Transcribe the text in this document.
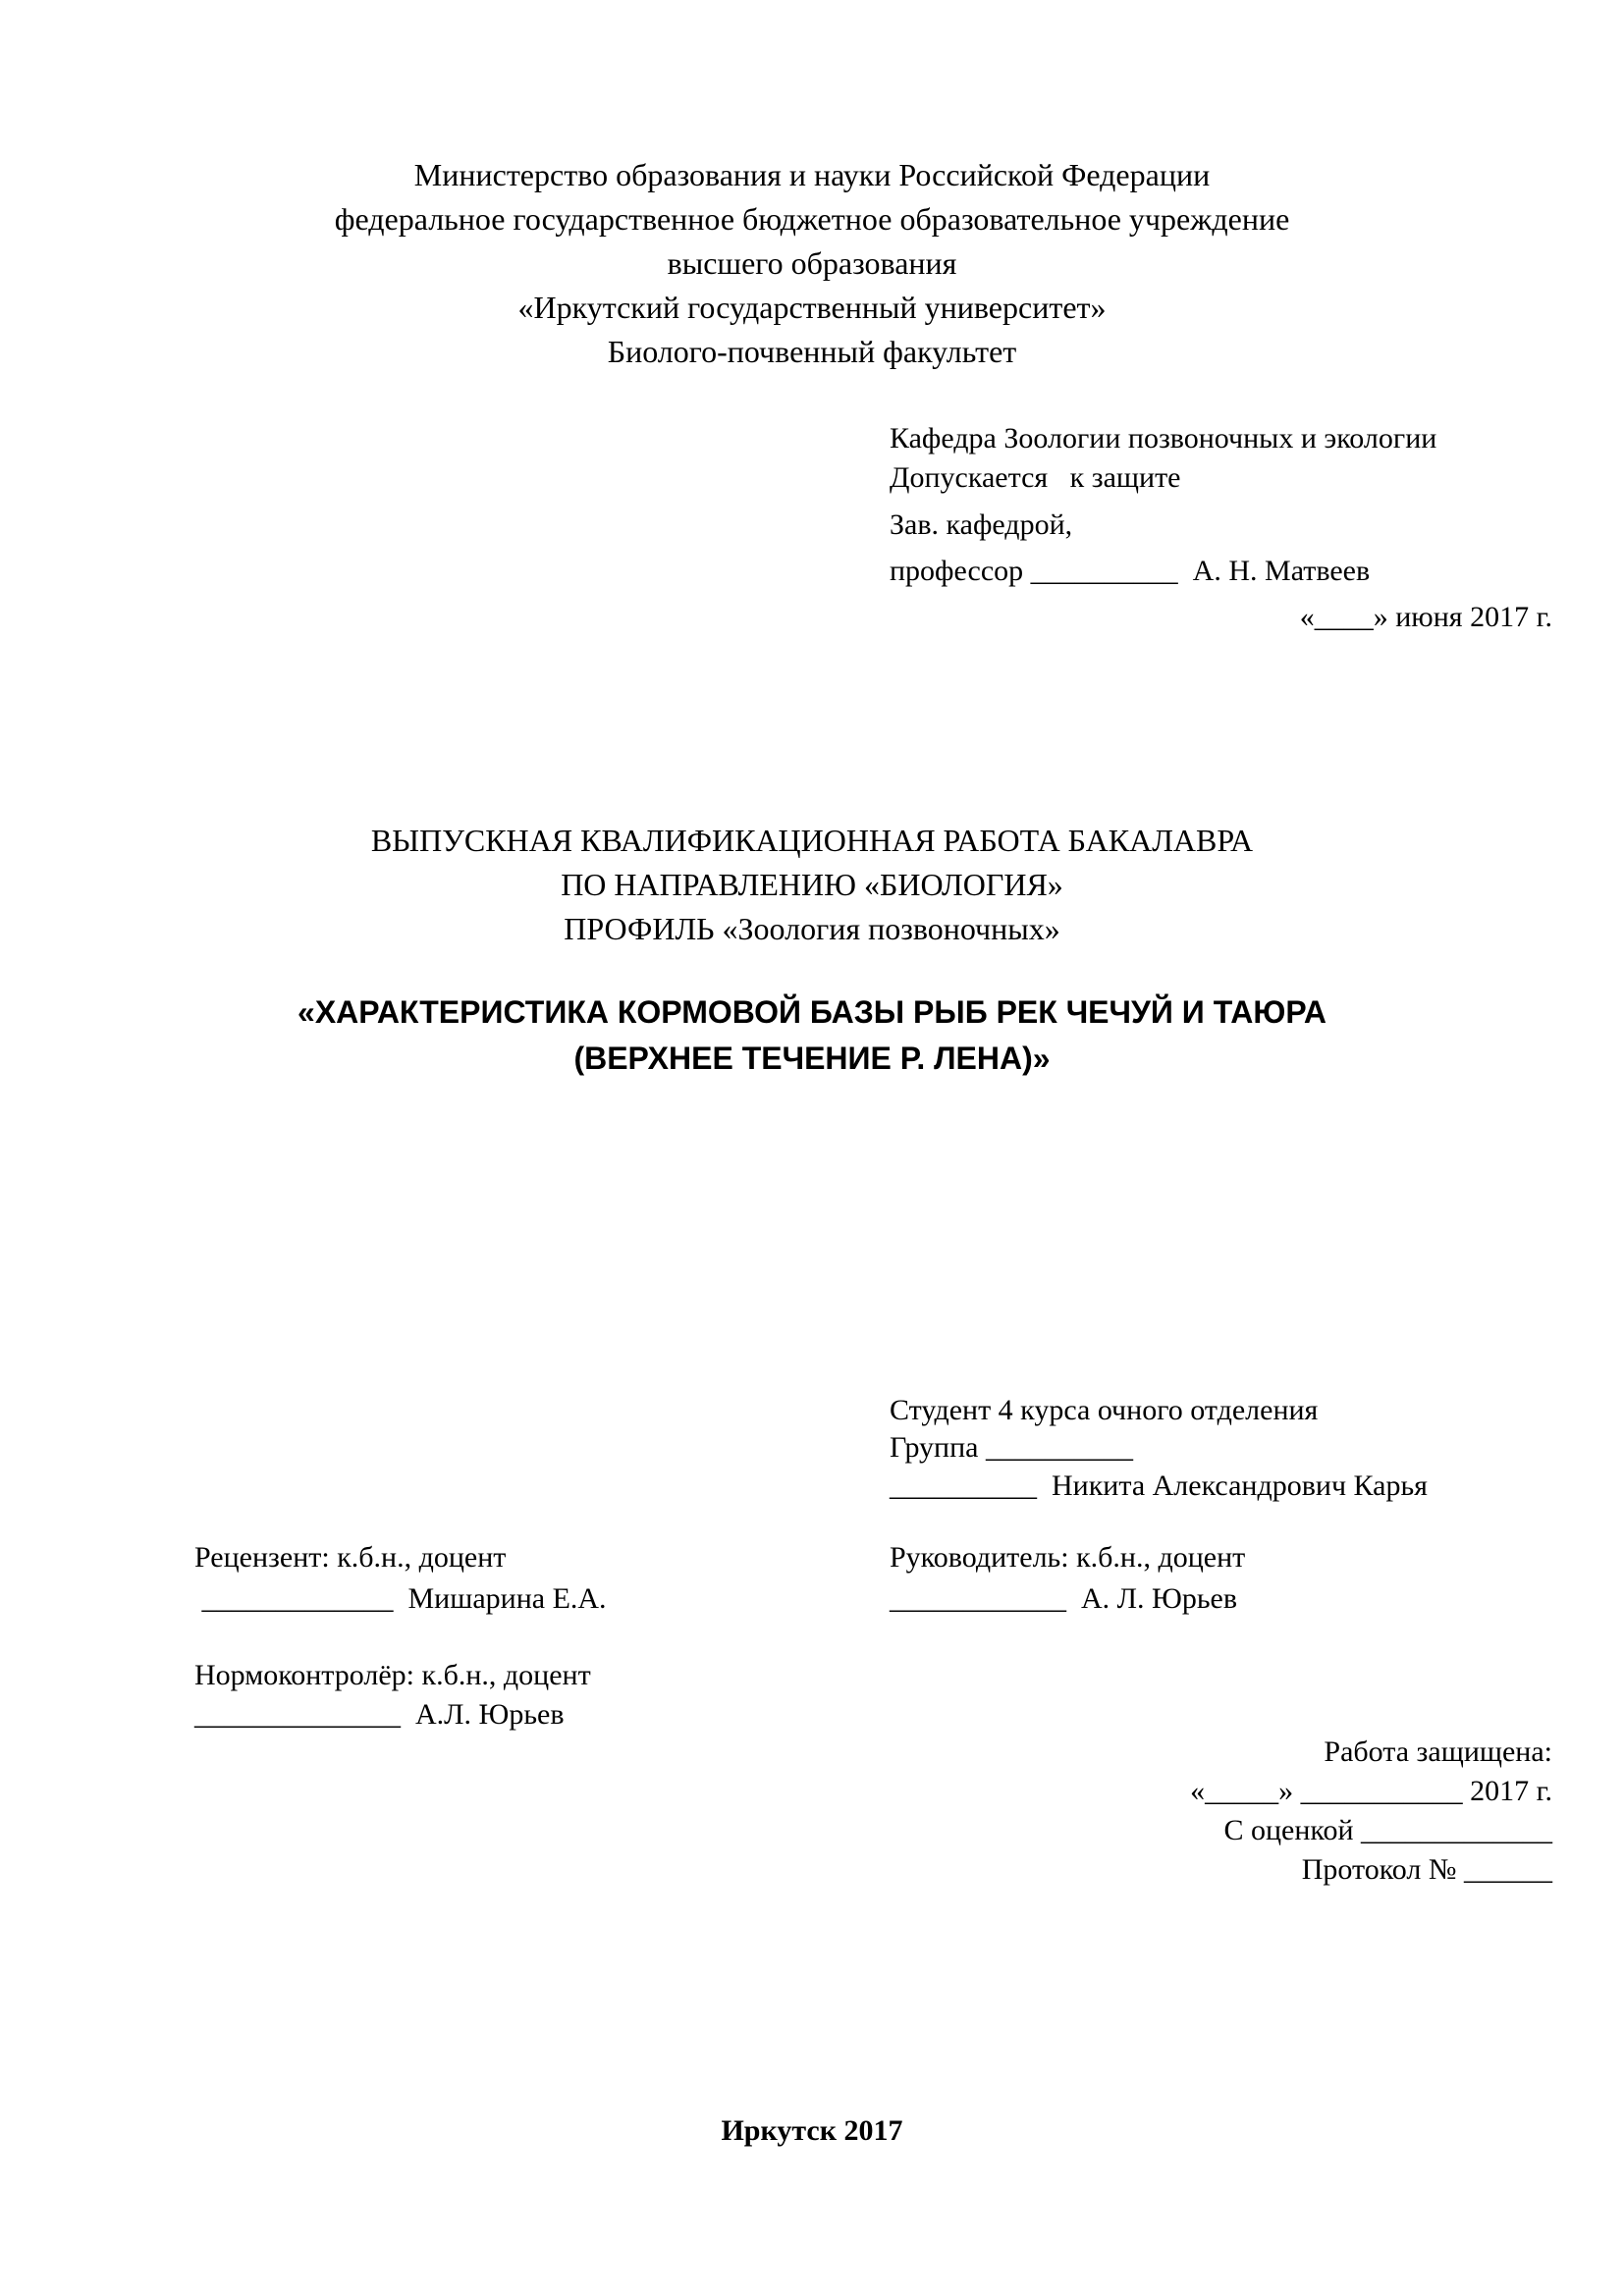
Министерство образования и науки Российской Федерации
федеральное государственное бюджетное образовательное учреждение
высшего образования
«Иркутский государственный университет»
Биолого-почвенный факультет
Кафедра Зоологии позвоночных и экологии
Допускается   к защите
Зав. кафедрой,
профессор __________  А. Н. Матвеев
«____» июня 2017 г.
ВЫПУСКНАЯ КВАЛИФИКАЦИОННАЯ РАБОТА БАКАЛАВРА
ПО НАПРАВЛЕНИЮ «БИОЛОГИЯ»
ПРОФИЛЬ «Зоология позвоночных»
«ХАРАКТЕРИСТИКА КОРМОВОЙ БАЗЫ РЫБ РЕК ЧЕЧУЙ И ТАЮРА
(ВЕРХНЕЕ ТЕЧЕНИЕ Р. ЛЕНА)»
Студент 4 курса очного отделения
Группа __________
__________  Никита Александрович Карья
Рецензент: к.б.н., доцент
_____________  Мишарина Е.А.
Руководитель: к.б.н., доцент
____________  А. Л. Юрьев
Нормоконтролёр: к.б.н., доцент
______________  А.Л. Юрьев
Работа защищена:
«_____» ___________ 2017 г.
С оценкой _____________
Протокол № ______
Иркутск 2017
